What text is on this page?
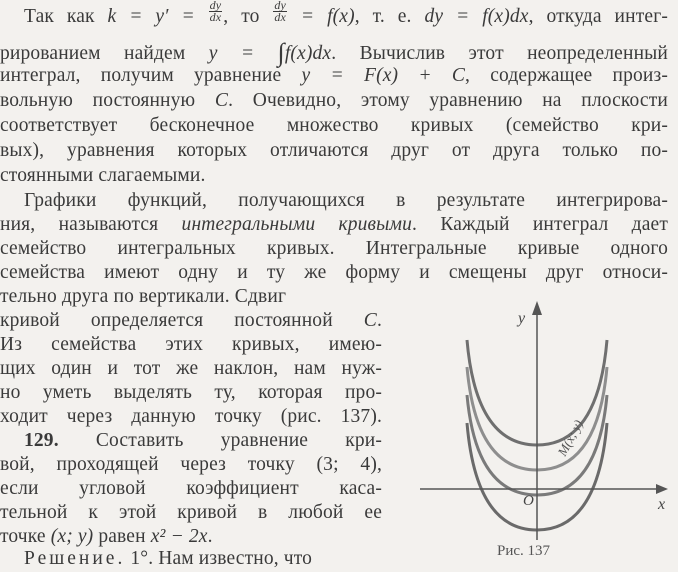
Так как $k = y' = \frac{dy}{dx}$ , то $\frac{dy}{dx} = f(x)$, т. е. dy = f(x)dx, откуда интег-
рированием найдем y = ∫f(x)dx. Вычислив этот неопределенный
интеграл, получим уравнение y = F(x) + C, содержащее произ-
вольную постоянную C. Очевидно, этому уравнению на плоскости
соответствует бесконечное множество кривых (семейство кри-
вых), уравнения которых отличаются друг от друга только по-
стоянными слагаемыми.
Графики функций, получающихся в результате интегрирова-
ния, называются интегральными кривыми. Каждый интеграл дает
семейство интегральных кривых. Интегральные кривые одного
семейства имеют одну и ту же форму и смещены друг относи-
тельно друга по вертикали. Сдвиг
кривой определяется постоянной C.
Из семейства этих кривых, имею-
щих один и тот же наклон, нам нуж-
но уметь выделять ту, которая про-
ходит через данную точку (рис. 137).
129. Составить уравнение кри-
вой, проходящей через точку (3; 4),
если угловой коэффициент каса-
тельной к этой кривой в любой ее
точке (x; y) равен x² − 2x.
Решение. 1°. Нам известно, что
y
x
O
M(x; y)
Рис. 137
